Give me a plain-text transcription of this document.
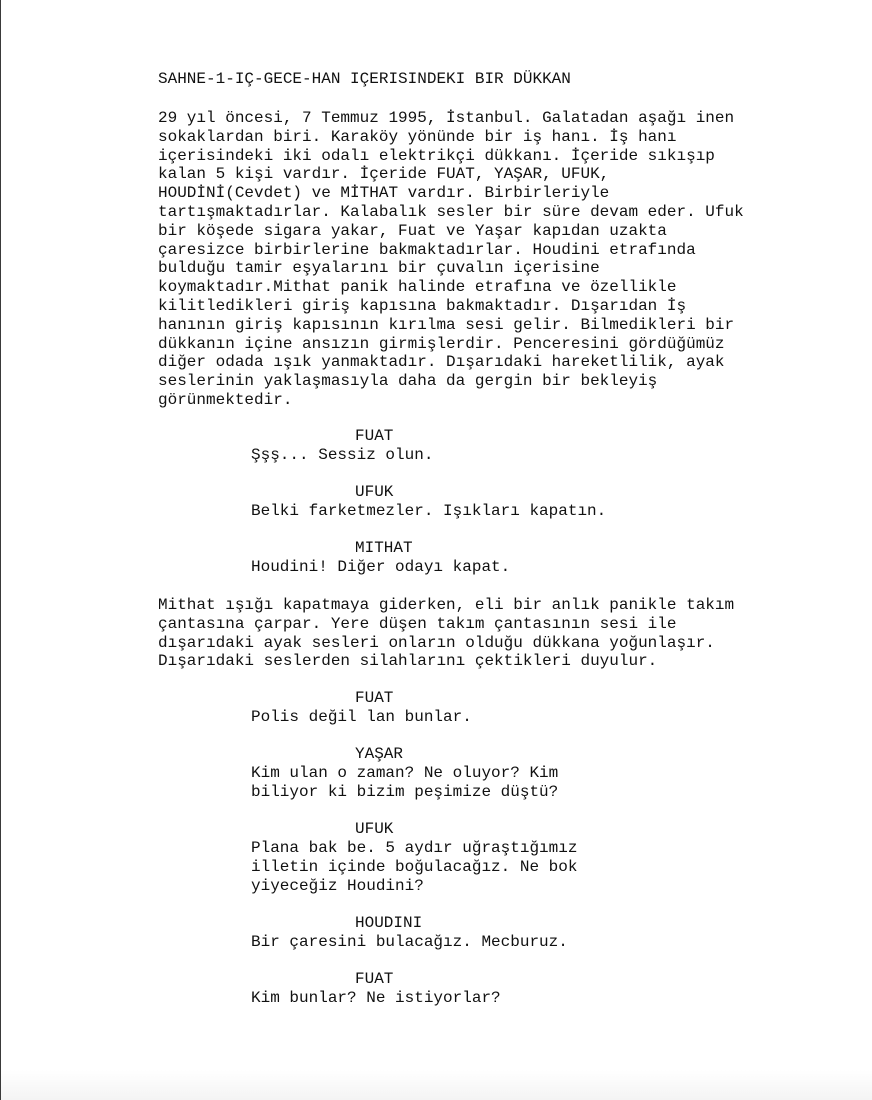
SAHNE-1-IÇ-GECE-HAN IÇERISINDEKI BIR DÜKKAN
29 yıl öncesi, 7 Temmuz 1995, İstanbul. Galatadan aşağı inen
sokaklardan biri. Karaköy yönünde bir iş hanı. İş hanı
içerisindeki iki odalı elektrikçi dükkanı. İçeride sıkışıp
kalan 5 kişi vardır. İçeride FUAT, YAŞAR, UFUK,
HOUDİNİ(Cevdet) ve MİTHAT vardır. Birbirleriyle
tartışmaktadırlar. Kalabalık sesler bir süre devam eder. Ufuk
bir köşede sigara yakar, Fuat ve Yaşar kapıdan uzakta
çaresizce birbirlerine bakmaktadırlar. Houdini etrafında
bulduğu tamir eşyalarını bir çuvalın içerisine
koymaktadır.Mithat panik halinde etrafına ve özellikle
kilitledikleri giriş kapısına bakmaktadır. Dışarıdan İş
hanının giriş kapısının kırılma sesi gelir. Bilmedikleri bir
dükkanın içine ansızın girmişlerdir. Penceresini gördüğümüz
diğer odada ışık yanmaktadır. Dışarıdaki hareketlilik, ayak
seslerinin yaklaşmasıyla daha da gergin bir bekleyiş
görünmektedir.
FUAT
Şşş... Sessiz olun.
UFUK
Belki farketmezler. Işıkları kapatın.
MITHAT
Houdini! Diğer odayı kapat.
Mithat ışığı kapatmaya giderken, eli bir anlık panikle takım
çantasına çarpar. Yere düşen takım çantasının sesi ile
dışarıdaki ayak sesleri onların olduğu dükkana yoğunlaşır.
Dışarıdaki seslerden silahlarını çektikleri duyulur.
FUAT
Polis değil lan bunlar.
YAŞAR
Kim ulan o zaman? Ne oluyor? Kim
biliyor ki bizim peşimize düştü?
UFUK
Plana bak be. 5 aydır uğraştığımız
illetin içinde boğulacağız. Ne bok
yiyeceğiz Houdini?
HOUDINI
Bir çaresini bulacağız. Mecburuz.
FUAT
Kim bunlar? Ne istiyorlar?
